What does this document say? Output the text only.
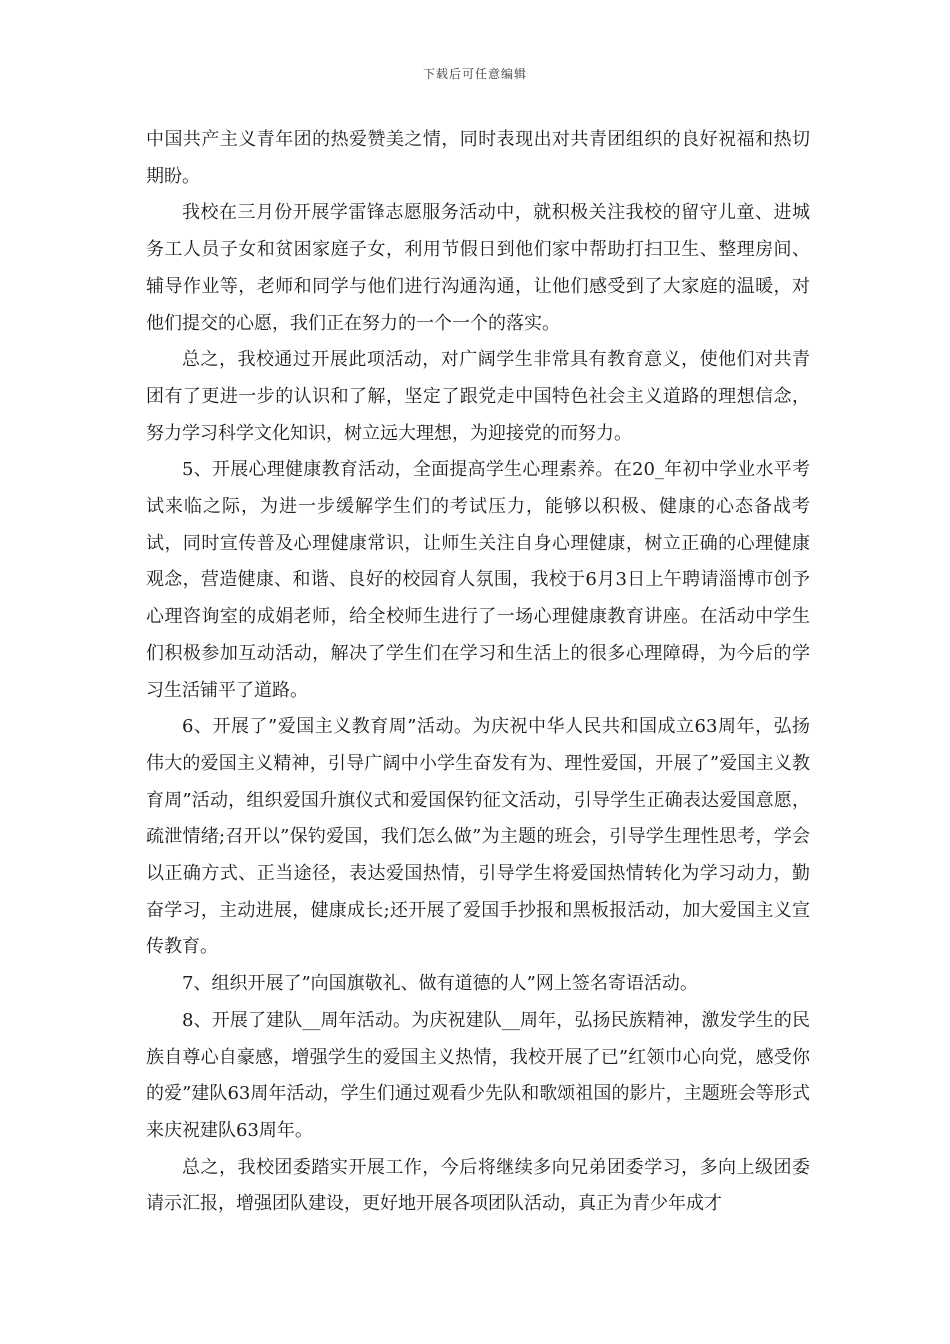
下载后可任意编辑

中国共产主义青年团的热爱赞美之情，同时表现出对共青团组织的良好祝福和热切期盼。

我校在三月份开展学雷锋志愿服务活动中，就积极关注我校的留守儿童、进城务工人员子女和贫困家庭子女，利用节假日到他们家中帮助打扫卫生、整理房间、辅导作业等，老师和同学与他们进行沟通沟通，让他们感受到了大家庭的温暖，对他们提交的心愿，我们正在努力的一个一个的落实。

总之，我校通过开展此项活动，对广阔学生非常具有教育意义，使他们对共青团有了更进一步的认识和了解，坚定了跟党走中国特色社会主义道路的理想信念，努力学习科学文化知识，树立远大理想，为迎接党的而努力。

5、开展心理健康教育活动，全面提高学生心理素养。在20_年初中学业水平考试来临之际，为进一步缓解学生们的考试压力，能够以积极、健康的心态备战考试，同时宣传普及心理健康常识，让师生关注自身心理健康，树立正确的心理健康观念，营造健康、和谐、良好的校园育人氛围，我校于6月3日上午聘请淄博市创予心理咨询室的成娟老师，给全校师生进行了一场心理健康教育讲座。在活动中学生们积极参加互动活动，解决了学生们在学习和生活上的很多心理障碍，为今后的学习生活铺平了道路。

6、开展了”爱国主义教育周”活动。为庆祝中华人民共和国成立63周年，弘扬伟大的爱国主义精神，引导广阔中小学生奋发有为、理性爱国，开展了”爱国主义教育周”活动，组织爱国升旗仪式和爱国保钓征文活动，引导学生正确表达爱国意愿，疏泄情绪;召开以”保钓爱国，我们怎么做”为主题的班会，引导学生理性思考，学会以正确方式、正当途径，表达爱国热情，引导学生将爱国热情转化为学习动力，勤奋学习，主动进展，健康成长;还开展了爱国手抄报和黑板报活动，加大爱国主义宣传教育。

7、组织开展了”向国旗敬礼、做有道德的人”网上签名寄语活动。

8、开展了建队__周年活动。为庆祝建队__周年，弘扬民族精神，激发学生的民族自尊心自豪感，增强学生的爱国主义热情，我校开展了已”红领巾心向党，感受你的爱”建队63周年活动，学生们通过观看少先队和歌颂祖国的影片，主题班会等形式来庆祝建队63周年。

总之，我校团委踏实开展工作，今后将继续多向兄弟团委学习，多向上级团委请示汇报，增强团队建设，更好地开展各项团队活动，真正为青少年成才
